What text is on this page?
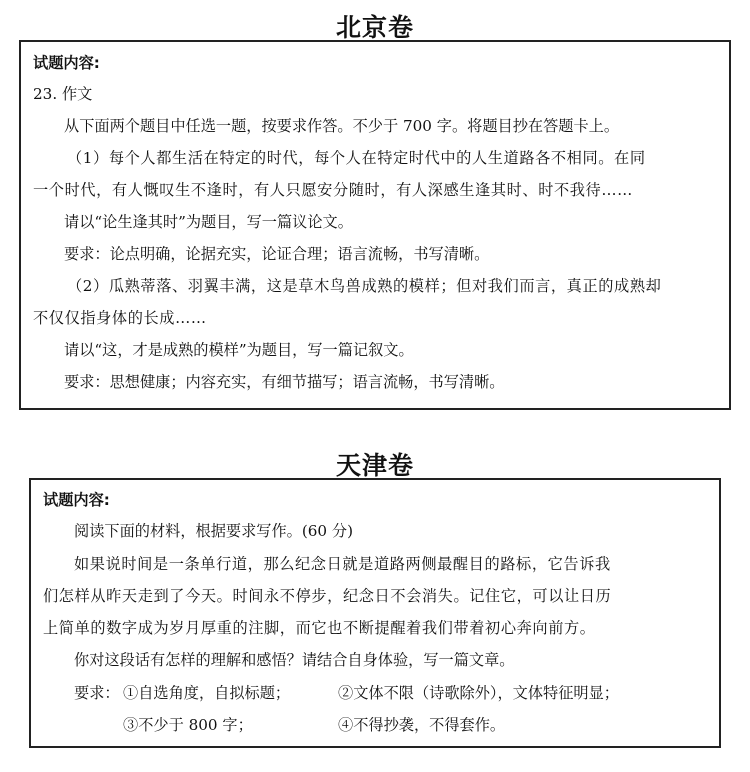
北京卷
试题内容:
23. 作文
从下面两个题目中任选一题，按要求作答。不少于 700 字。将题目抄在答题卡上。
（1）每个人都生活在特定的时代，每个人在特定时代中的人生道路各不相同。在同
一个时代，有人慨叹生不逢时，有人只愿安分随时，有人深感生逢其时、时不我待……
请以“论生逢其时”为题目，写一篇议论文。
要求：论点明确，论据充实，论证合理；语言流畅，书写清晰。
（2）瓜熟蒂落、羽翼丰满，这是草木鸟兽成熟的模样；但对我们而言，真正的成熟却
不仅仅指身体的长成……
请以“这，才是成熟的模样”为题目，写一篇记叙文。
要求：思想健康；内容充实，有细节描写；语言流畅，书写清晰。
天津卷
试题内容:
阅读下面的材料，根据要求写作。(60 分)
如果说时间是一条单行道，那么纪念日就是道路两侧最醒目的路标，它告诉我
们怎样从昨天走到了今天。时间永不停步，纪念日不会消失。记住它，可以让日历
上简单的数字成为岁月厚重的注脚，而它也不断提醒着我们带着初心奔向前方。
你对这段话有怎样的理解和感悟？请结合自身体验，写一篇文章。
要求： ①自选角度，自拟标题；	②文体不限（诗歌除外），文体特征明显；
③不少于 800 字；	④不得抄袭，不得套作。
